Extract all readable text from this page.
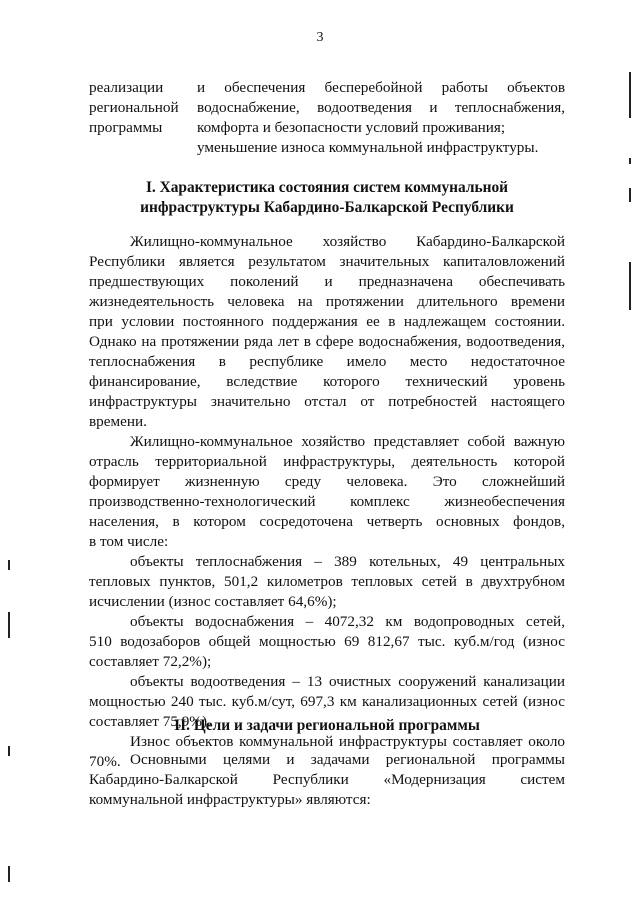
3
реализации
региональной
программы
и обеспечения бесперебойной работы объектов
водоснабжение, водоотведения и теплоснабжения,
комфорта и безопасности условий проживания;
уменьшение износа коммунальной инфраструктуры.
I. Характеристика состояния систем коммунальной
инфраструктуры Кабардино-Балкарской Республики
Жилищно-коммунальное хозяйство Кабардино-Балкарской
Республики является результатом значительных капиталовложений
предшествующих поколений и предназначена обеспечивать
жизнедеятельность человека на протяжении длительного времени
при условии постоянного поддержания ее в надлежащем состоянии.
Однако на протяжении ряда лет в сфере водоснабжения, водоотведения,
теплоснабжения в республике имело место недостаточное
финансирование, вследствие которого технический уровень
инфраструктуры значительно отстал от потребностей настоящего
времени.
Жилищно-коммунальное хозяйство представляет собой важную
отрасль территориальной инфраструктуры, деятельность которой
формирует жизненную среду человека. Это сложнейший
производственно-технологический комплекс жизнеобеспечения
населения, в котором сосредоточена четверть основных фондов,
в том числе:
объекты теплоснабжения – 389 котельных, 49 центральных
тепловых пунктов, 501,2 километров тепловых сетей в двухтрубном
исчислении (износ составляет 64,6%);
объекты водоснабжения – 4072,32 км водопроводных сетей,
510 водозаборов общей мощностью 69 812,67 тыс. куб.м/год (износ
составляет 72,2%);
объекты водоотведения – 13 очистных сооружений канализации
мощностью 240 тыс. куб.м/сут, 697,3 км канализационных сетей (износ
составляет 75,9%).
Износ объектов коммунальной инфраструктуры составляет около
70%.
II. Цели и задачи региональной программы
Основными целями и задачами региональной программы
Кабардино-Балкарской Республики «Модернизация систем
коммунальной инфраструктуры» являются:
